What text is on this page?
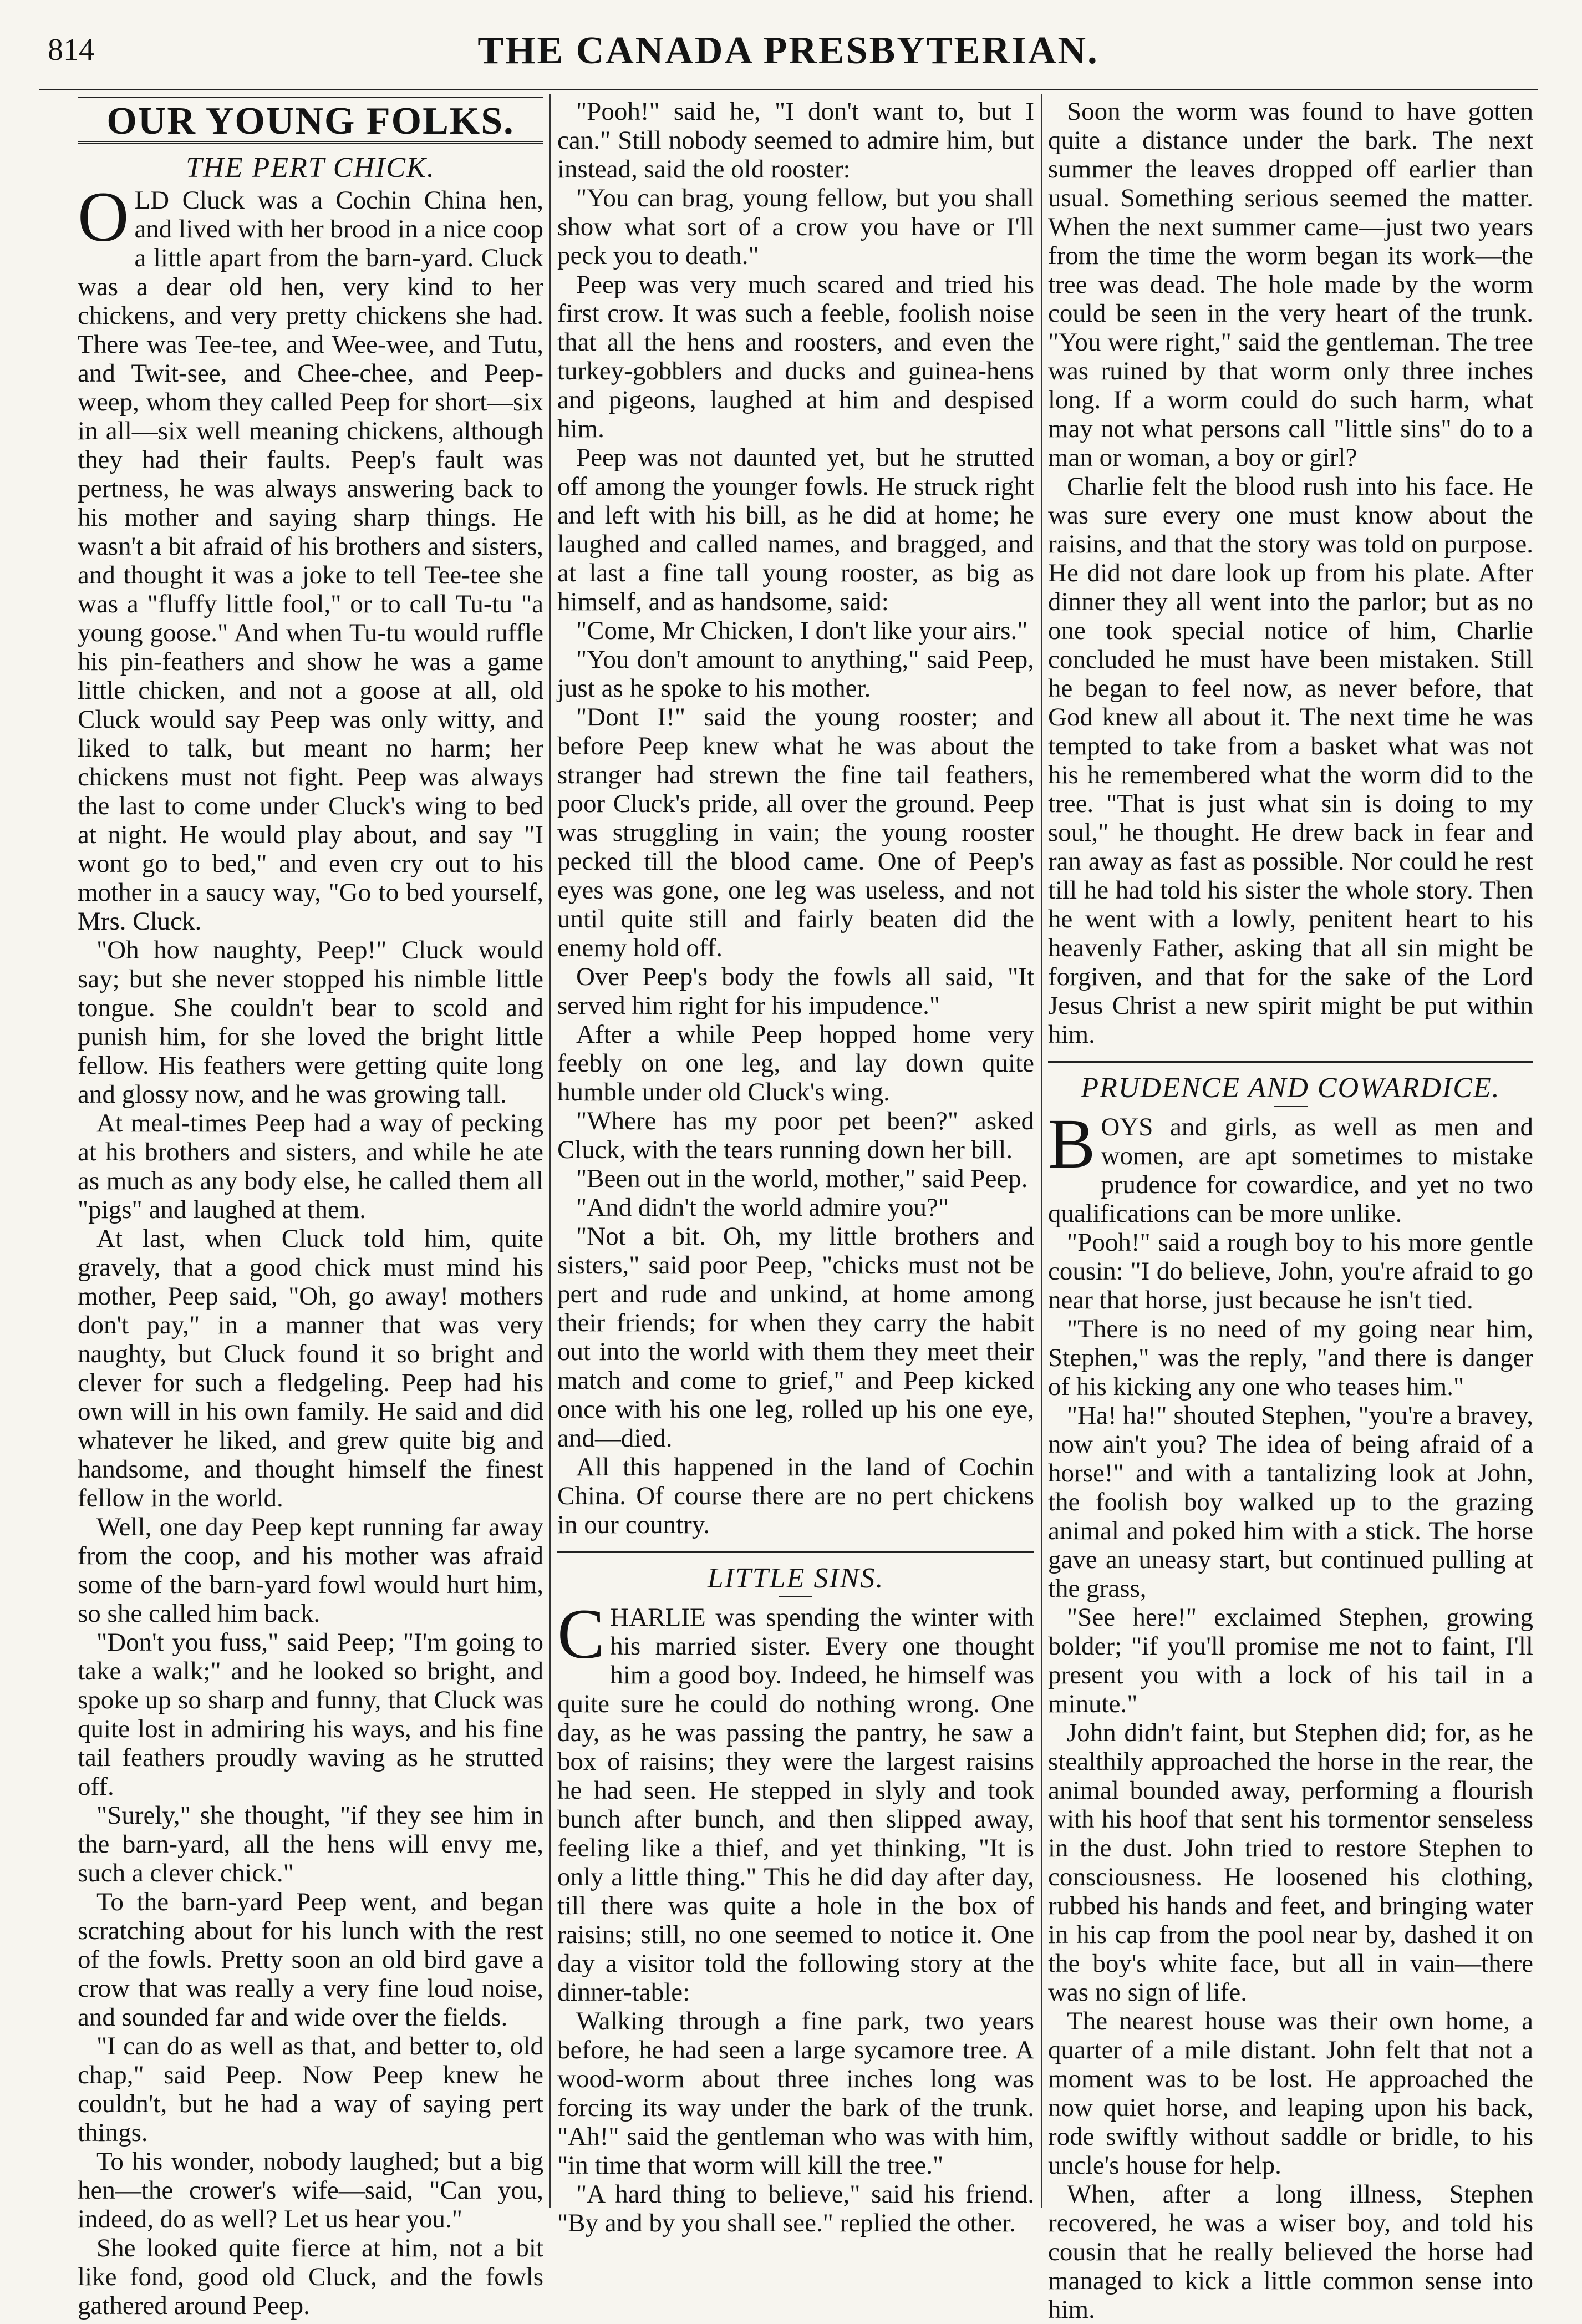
814	THE CANADA PRESBYTERIAN.
OUR YOUNG FOLKS.
THE PERT CHICK.

OLD Cluck was a Cochin China hen, and lived with her brood in a nice coop a little apart from the barn-yard. Cluck was a dear old hen, very kind to her chickens, and very pretty chickens she had. There was Tee-tee, and Wee-wee, and Tutu, and Twit-see, and Chee-chee, and Peep-weep, whom they called Peep for short—six in all—six well meaning chickens, although they had their faults. Peep's fault was pertness, he was always answering back to his mother and saying sharp things. He wasn't a bit afraid of his brothers and sisters, and thought it was a joke to tell Tee-tee she was a "fluffy little fool," or to call Tu-tu "a young goose." And when Tu-tu would ruffle his pin-feathers and show he was a game little chicken, and not a goose at all, old Cluck would say Peep was only witty, and liked to talk, but meant no harm; her chickens must not fight. Peep was always the last to come under Cluck's wing to bed at night. He would play about, and say "I wont go to bed," and even cry out to his mother in a saucy way, "Go to bed yourself, Mrs. Cluck.

"Oh how naughty, Peep!" Cluck would say; but she never stopped his nimble little tongue. She couldn't bear to scold and punish him, for she loved the bright little fellow. His feathers were getting quite long and glossy now, and he was growing tall.

At meal-times Peep had a way of pecking at his brothers and sisters, and while he ate as much as any body else, he called them all "pigs" and laughed at them.

At last, when Cluck told him, quite gravely, that a good chick must mind his mother, Peep said, "Oh, go away! mothers don't pay," in a manner that was very naughty, but Cluck found it so bright and clever for such a fledgeling. Peep had his own will in his own family. He said and did whatever he liked, and grew quite big and handsome, and thought himself the finest fellow in the world.

Well, one day Peep kept running far away from the coop, and his mother was afraid some of the barn-yard fowl would hurt him, so she called him back.

"Don't you fuss," said Peep; "I'm going to take a walk;" and he looked so bright, and spoke up so sharp and funny, that Cluck was quite lost in admiring his ways, and his fine tail feathers proudly waving as he strutted off.

"Surely," she thought, "if they see him in the barn-yard, all the hens will envy me, such a clever chick."

To the barn-yard Peep went, and began scratching about for his lunch with the rest of the fowls. Pretty soon an old bird gave a crow that was really a very fine loud noise, and sounded far and wide over the fields.

"I can do as well as that, and better to, old chap," said Peep. Now Peep knew he couldn't, but he had a way of saying pert things.

To his wonder, nobody laughed; but a big hen—the crower's wife—said, "Can you, indeed, do as well? Let us hear you."

She looked quite fierce at him, not a bit like fond, good old Cluck, and the fowls gathered around Peep.

"Pooh!" said he, "I don't want to, but I can." Still nobody seemed to admire him, but instead, said the old rooster:

"You can brag, young fellow, but you shall show what sort of a crow you have or I'll peck you to death."

Peep was very much scared and tried his first crow. It was such a feeble, foolish noise that all the hens and roosters, and even the turkey-gobblers and ducks and guinea-hens and pigeons, laughed at him and despised him.

Peep was not daunted yet, but he strutted off among the younger fowls. He struck right and left with his bill, as he did at home; he laughed and called names, and bragged, and at last a fine tall young rooster, as big as himself, and as handsome, said:

"Come, Mr Chicken, I don't like your airs."

"You don't amount to anything," said Peep, just as he spoke to his mother.

"Dont I!" said the young rooster; and before Peep knew what he was about the stranger had strewn the fine tail feathers, poor Cluck's pride, all over the ground. Peep was struggling in vain; the young rooster pecked till the blood came. One of Peep's eyes was gone, one leg was useless, and not until quite still and fairly beaten did the enemy hold off.

Over Peep's body the fowls all said, "It served him right for his impudence."

After a while Peep hopped home very feebly on one leg, and lay down quite humble under old Cluck's wing.

"Where has my poor pet been?" asked Cluck, with the tears running down her bill.

"Been out in the world, mother," said Peep.

"And didn't the world admire you?"

"Not a bit. Oh, my little brothers and sisters," said poor Peep, "chicks must not be pert and rude and unkind, at home among their friends; for when they carry the habit out into the world with them they meet their match and come to grief," and Peep kicked once with his one leg, rolled up his one eye, and—died.

All this happened in the land of Cochin China. Of course there are no pert chickens in our country.

LITTLE SINS.

CHARLIE was spending the winter with his married sister. Every one thought him a good boy. Indeed, he himself was quite sure he could do nothing wrong. One day, as he was passing the pantry, he saw a box of raisins; they were the largest raisins he had seen. He stepped in slyly and took bunch after bunch, and then slipped away, feeling like a thief, and yet thinking, "It is only a little thing." This he did day after day, till there was quite a hole in the box of raisins; still, no one seemed to notice it. One day a visitor told the following story at the dinner-table:

Walking through a fine park, two years before, he had seen a large sycamore tree. A wood-worm about three inches long was forcing its way under the bark of the trunk. "Ah!" said the gentleman who was with him, "in time that worm will kill the tree."

"A hard thing to believe," said his friend. "By and by you shall see." replied the other.

Soon the worm was found to have gotten quite a distance under the bark. The next summer the leaves dropped off earlier than usual. Something serious seemed the matter. When the next summer came—just two years from the time the worm began its work—the tree was dead. The hole made by the worm could be seen in the very heart of the trunk. "You were right," said the gentleman. The tree was ruined by that worm only three inches long. If a worm could do such harm, what may not what persons call "little sins" do to a man or woman, a boy or girl?

Charlie felt the blood rush into his face. He was sure every one must know about the raisins, and that the story was told on purpose. He did not dare look up from his plate. After dinner they all went into the parlor; but as no one took special notice of him, Charlie concluded he must have been mistaken. Still he began to feel now, as never before, that God knew all about it. The next time he was tempted to take from a basket what was not his he remembered what the worm did to the tree. "That is just what sin is doing to my soul," he thought. He drew back in fear and ran away as fast as possible. Nor could he rest till he had told his sister the whole story. Then he went with a lowly, penitent heart to his heavenly Father, asking that all sin might be forgiven, and that for the sake of the Lord Jesus Christ a new spirit might be put within him.

PRUDENCE AND COWARDICE.

BOYS and girls, as well as men and women, are apt sometimes to mistake prudence for cowardice, and yet no two qualifications can be more unlike.

"Pooh!" said a rough boy to his more gentle cousin: "I do believe, John, you're afraid to go near that horse, just because he isn't tied.

"There is no need of my going near him, Stephen," was the reply, "and there is danger of his kicking any one who teases him."

"Ha! ha!" shouted Stephen, "you're a bravey, now ain't you? The idea of being afraid of a horse!" and with a tantalizing look at John, the foolish boy walked up to the grazing animal and poked him with a stick. The horse gave an uneasy start, but continued pulling at the grass,

"See here!" exclaimed Stephen, growing bolder; "if you'll promise me not to faint, I'll present you with a lock of his tail in a minute."

John didn't faint, but Stephen did; for, as he stealthily approached the horse in the rear, the animal bounded away, performing a flourish with his hoof that sent his tormentor senseless in the dust. John tried to restore Stephen to consciousness. He loosened his clothing, rubbed his hands and feet, and bringing water in his cap from the pool near by, dashed it on the boy's white face, but all in vain—there was no sign of life.

The nearest house was their own home, a quarter of a mile distant. John felt that not a moment was to be lost. He approached the now quiet horse, and leaping upon his back, rode swiftly without saddle or bridle, to his uncle's house for help.

When, after a long illness, Stephen recovered, he was a wiser boy, and told his cousin that he really believed the horse had managed to kick a little common sense into him.
